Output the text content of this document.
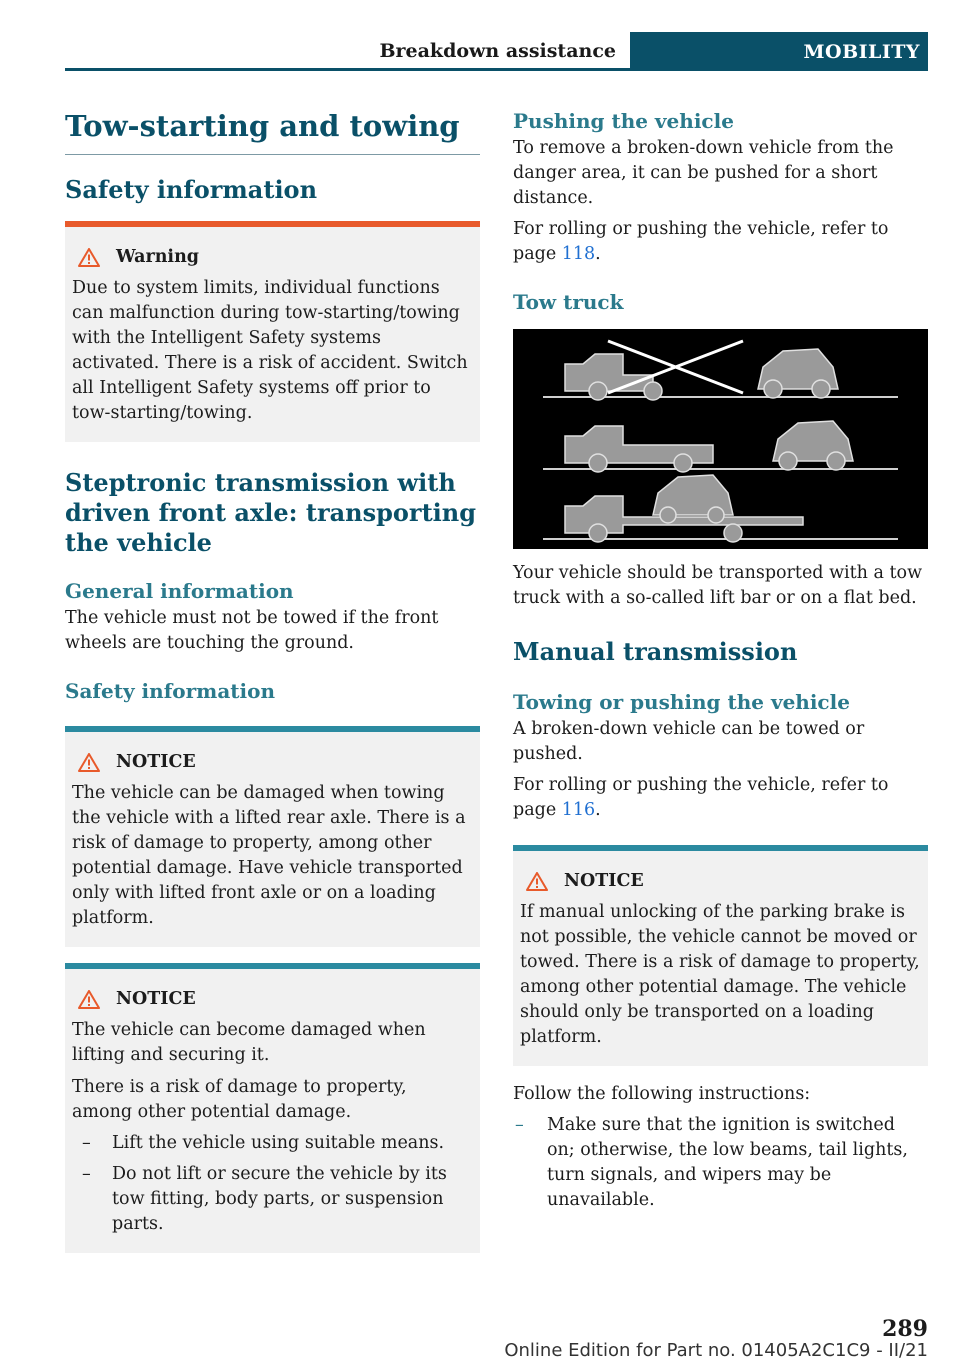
Breakdown assistance	MOBILITY
Tow-starting and towing
Safety information
Warning

Due to system limits, individual functions can malfunction during tow-starting/towing with the Intelligent Safety systems activated. There is a risk of accident. Switch all Intelligent Safety systems off prior to tow-starting/towing.

Steptronic transmission with driven front axle: transporting the vehicle
General information

The vehicle must not be towed if the front wheels are touching the ground.

Safety information
NOTICE

The vehicle can be damaged when towing the vehicle with a lifted rear axle. There is a risk of damage to property, among other potential damage. Have vehicle transported only with lifted front axle or on a loading platform.

NOTICE

The vehicle can become damaged when lifting and securing it.

There is a risk of damage to property, among other potential damage.

– Lift the vehicle using suitable means.
– Do not lift or secure the vehicle by its tow fitting, body parts, or suspension parts.
Pushing the vehicle

To remove a broken-down vehicle from the danger area, it can be pushed for a short distance.

For rolling or pushing the vehicle, refer to page 118.

Tow truck

Your vehicle should be transported with a tow truck with a so-called lift bar or on a flat bed.

Manual transmission
Towing or pushing the vehicle

A broken-down vehicle can be towed or pushed.

For rolling or pushing the vehicle, refer to page 116.

NOTICE

If manual unlocking of the parking brake is not possible, the vehicle cannot be moved or towed. There is a risk of damage to property, among other potential damage. The vehicle should only be transported on a loading platform.

Follow the following instructions:

– Make sure that the ignition is switched on; otherwise, the low beams, tail lights, turn signals, and wipers may be unavailable.
289
Online Edition for Part no. 01405A2C1C9 - II/21
